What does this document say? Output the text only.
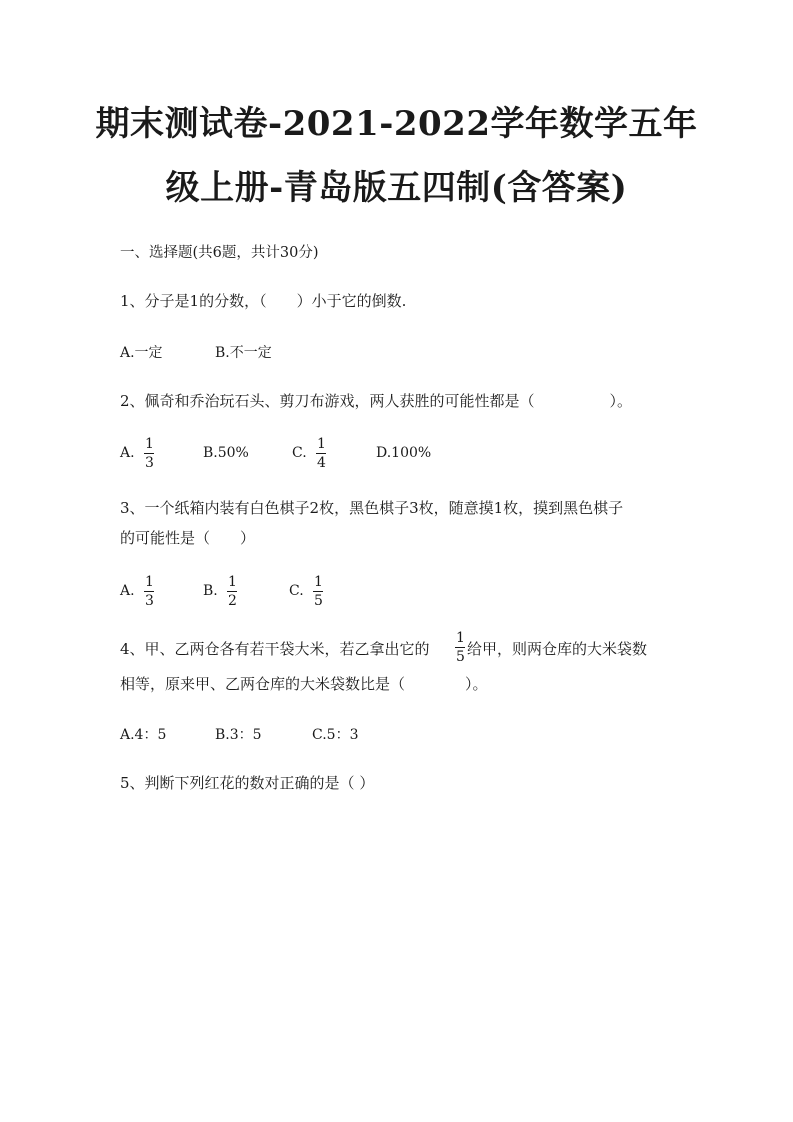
期末测试卷-2021-2022学年数学五年
级上册-青岛版五四制(含答案)
一、选择题(共6题，共计30分)
1、分子是1的分数，（　　）小于它的倒数.
A.一定	B.不一定
2、佩奇和乔治玩石头、剪刀布游戏，两人获胜的可能性都是（　　　　　）。
A.
1
3
B.50%	C.
1
4
D.100%
3、一个纸箱内装有白色棋子2枚，黑色棋子3枚，随意摸1枚，摸到黑色棋子
的可能性是（　　）
A.
1
3
B.
1
2
C.
1
5
4、甲、乙两仓各有若干袋大米，若乙拿出它的
1
5 给甲，则两仓库的大米袋数
相等，原来甲、乙两仓库的大米袋数比是（　　　　）。
A.4：5	B.3：5	C.5：3
5、判断下列红花的数对正确的是（ ）
